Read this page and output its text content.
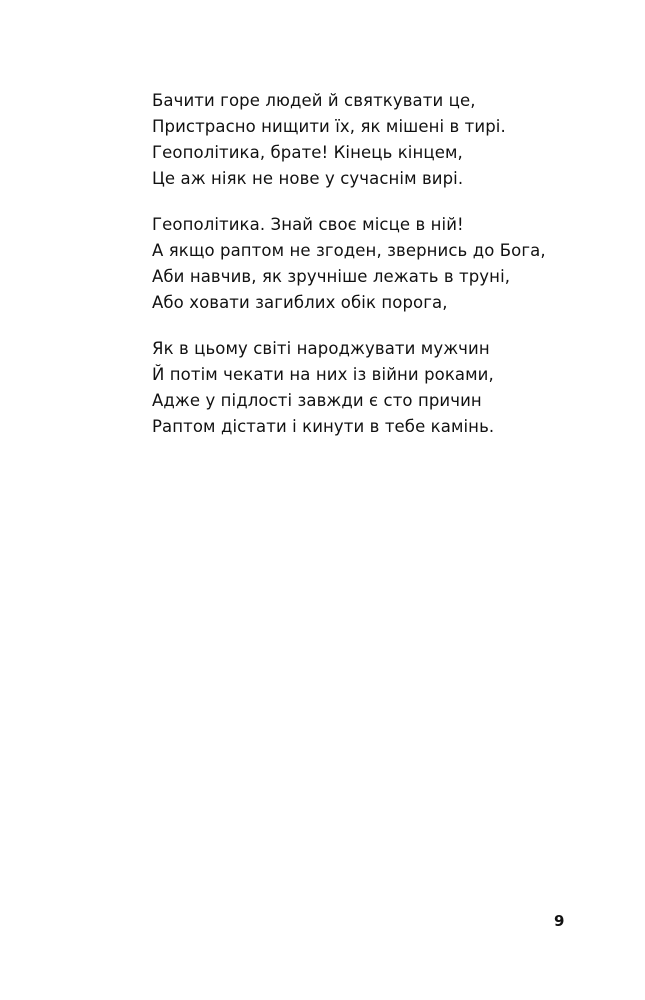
Бачити горе людей й святкувати це,
Пристрасно нищити їх, як мішені в тирі.
Геополітика, брате! Кінець кінцем,
Це аж ніяк не нове у сучаснім вирі.
Геополітика. Знай своє місце в ній!
А якщо раптом не згоден, звернись до Бога,
Аби навчив, як зручніше лежать в труні,
Або ховати загиблих обік порога,
Як в цьому світі народжувати мужчин
Й потім чекати на них із війни роками,
Адже у підлості завжди є сто причин
Раптом дістати і кинути в тебе камінь.
9
